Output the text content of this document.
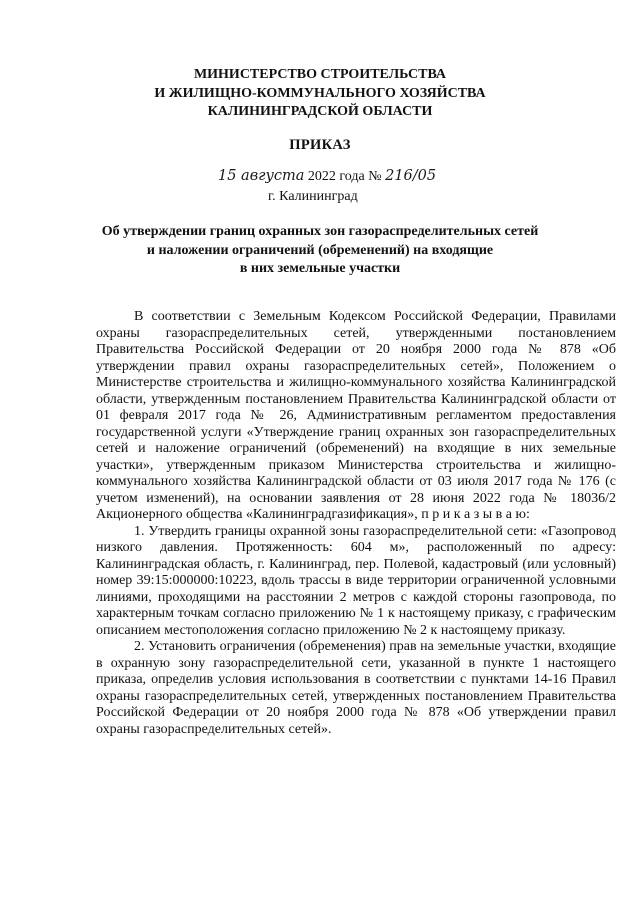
МИНИСТЕРСТВО СТРОИТЕЛЬСТВА
И ЖИЛИЩНО-КОММУНАЛЬНОГО ХОЗЯЙСТВА
КАЛИНИНГРАДСКОЙ ОБЛАСТИ
ПРИКАЗ
15 августа 2022 года № 216/05
г. Калининград
Об утверждении границ охранных зон газораспределительных сетей
и наложении ограничений (обременений) на входящие
в них земельные участки

В соответствии с Земельным Кодексом Российской Федерации, Правилами охраны газораспределительных сетей, утвержденными постановлением Правительства Российской Федерации от 20 ноября 2000 года № 878 «Об утверждении правил охраны газораспределительных сетей», Положением о Министерстве строительства и жилищно-коммунального хозяйства Калининградской области, утвержденным постановлением Правительства Калининградской области от 01 февраля 2017 года № 26, Административным регламентом предоставления государственной услуги «Утверждение границ охранных зон газораспределительных сетей и наложение ограничений (обременений) на входящие в них земельные участки», утвержденным приказом Министерства строительства и жилищно-коммунального хозяйства Калининградской области от 03 июля 2017 года № 176 (с учетом изменений), на основании заявления от 28 июня 2022 года № 18036/2 Акционерного общества «Калининградгазификация», п р и к а з ы в а ю:

1. Утвердить границы охранной зоны газораспределительной сети: «Газопровод низкого давления. Протяженность: 604 м», расположенный по адресу: Калининградская область, г. Калининград, пер. Полевой, кадастровый (или условный) номер 39:15:000000:10223, вдоль трассы в виде территории ограниченной условными линиями, проходящими на расстоянии 2 метров с каждой стороны газопровода, по характерным точкам согласно приложению № 1 к настоящему приказу, с графическим описанием местоположения согласно приложению № 2 к настоящему приказу.

2. Установить ограничения (обременения) прав на земельные участки, входящие в охранную зону газораспределительной сети, указанной в пункте 1 настоящего приказа, определив условия использования в соответствии с пунктами 14-16 Правил охраны газораспределительных сетей, утвержденных постановлением Правительства Российской Федерации от 20 ноября 2000 года № 878 «Об утверждении правил охраны газораспределительных сетей».
